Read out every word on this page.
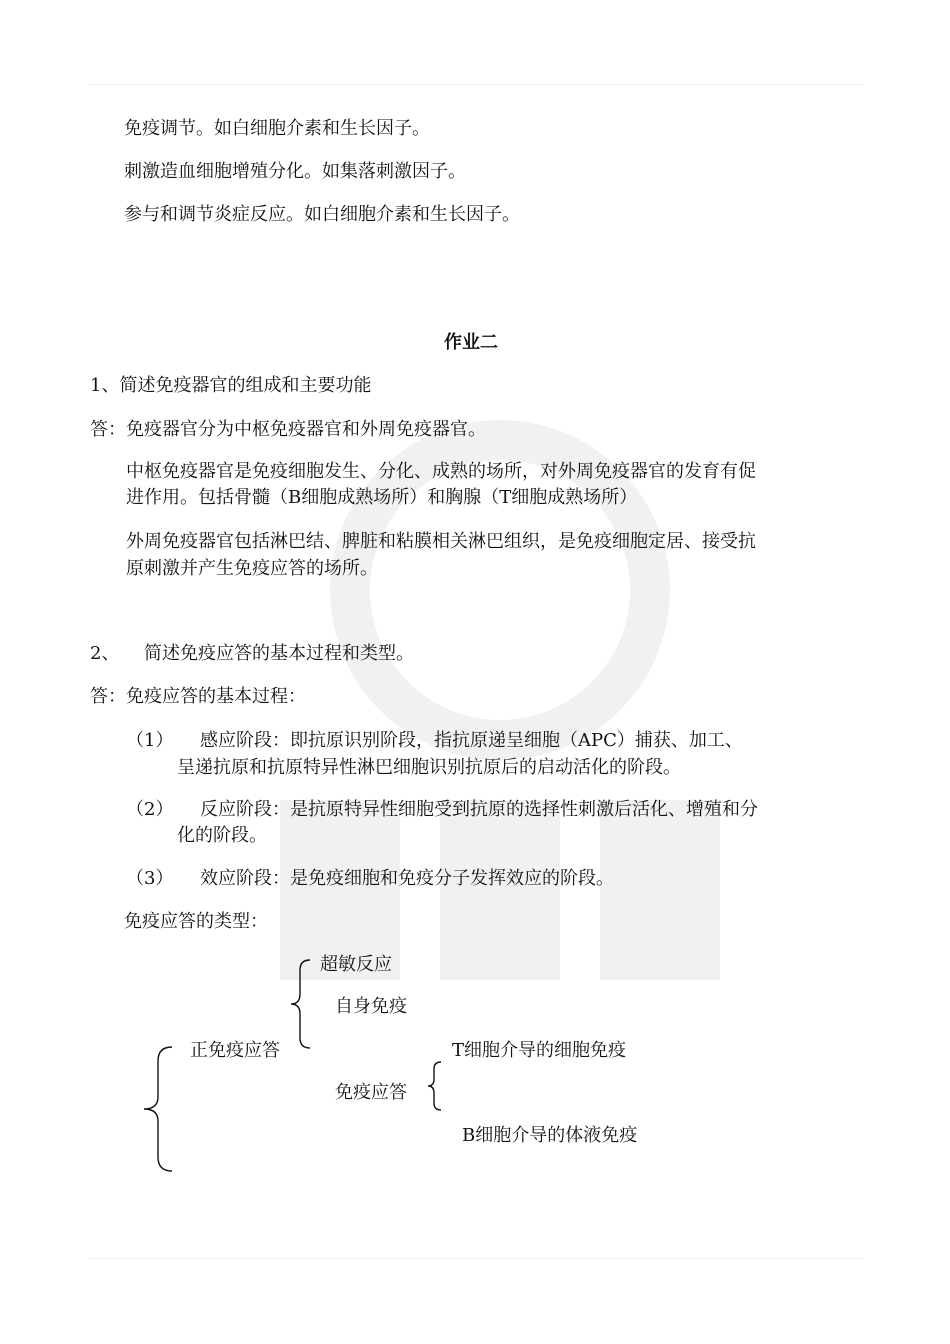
免疫调节。如白细胞介素和生长因子。
刺激造血细胞增殖分化。如集落刺激因子。
参与和调节炎症反应。如白细胞介素和生长因子。
作业二
1、简述免疫器官的组成和主要功能
答：免疫器官分为中枢免疫器官和外周免疫器官。
中枢免疫器官是免疫细胞发生、分化、成熟的场所，对外周免疫器官的发育有促
进作用。包括骨髓（B细胞成熟场所）和胸腺（T细胞成熟场所）
外周免疫器官包括淋巴结、脾脏和粘膜相关淋巴组织，是免疫细胞定居、接受抗
原刺激并产生免疫应答的场所。
2、 简述免疫应答的基本过程和类型。
答：免疫应答的基本过程：
（1） 感应阶段：即抗原识别阶段，指抗原递呈细胞（APC）捕获、加工、
呈递抗原和抗原特异性淋巴细胞识别抗原后的启动活化的阶段。
（2） 反应阶段：是抗原特异性细胞受到抗原的选择性刺激后活化、增殖和分
化的阶段。
（3） 效应阶段：是免疫细胞和免疫分子发挥效应的阶段。
免疫应答的类型：
超敏反应
自身免疫
正免疫应答	T细胞介导的细胞免疫
免疫应答
B细胞介导的体液免疫
